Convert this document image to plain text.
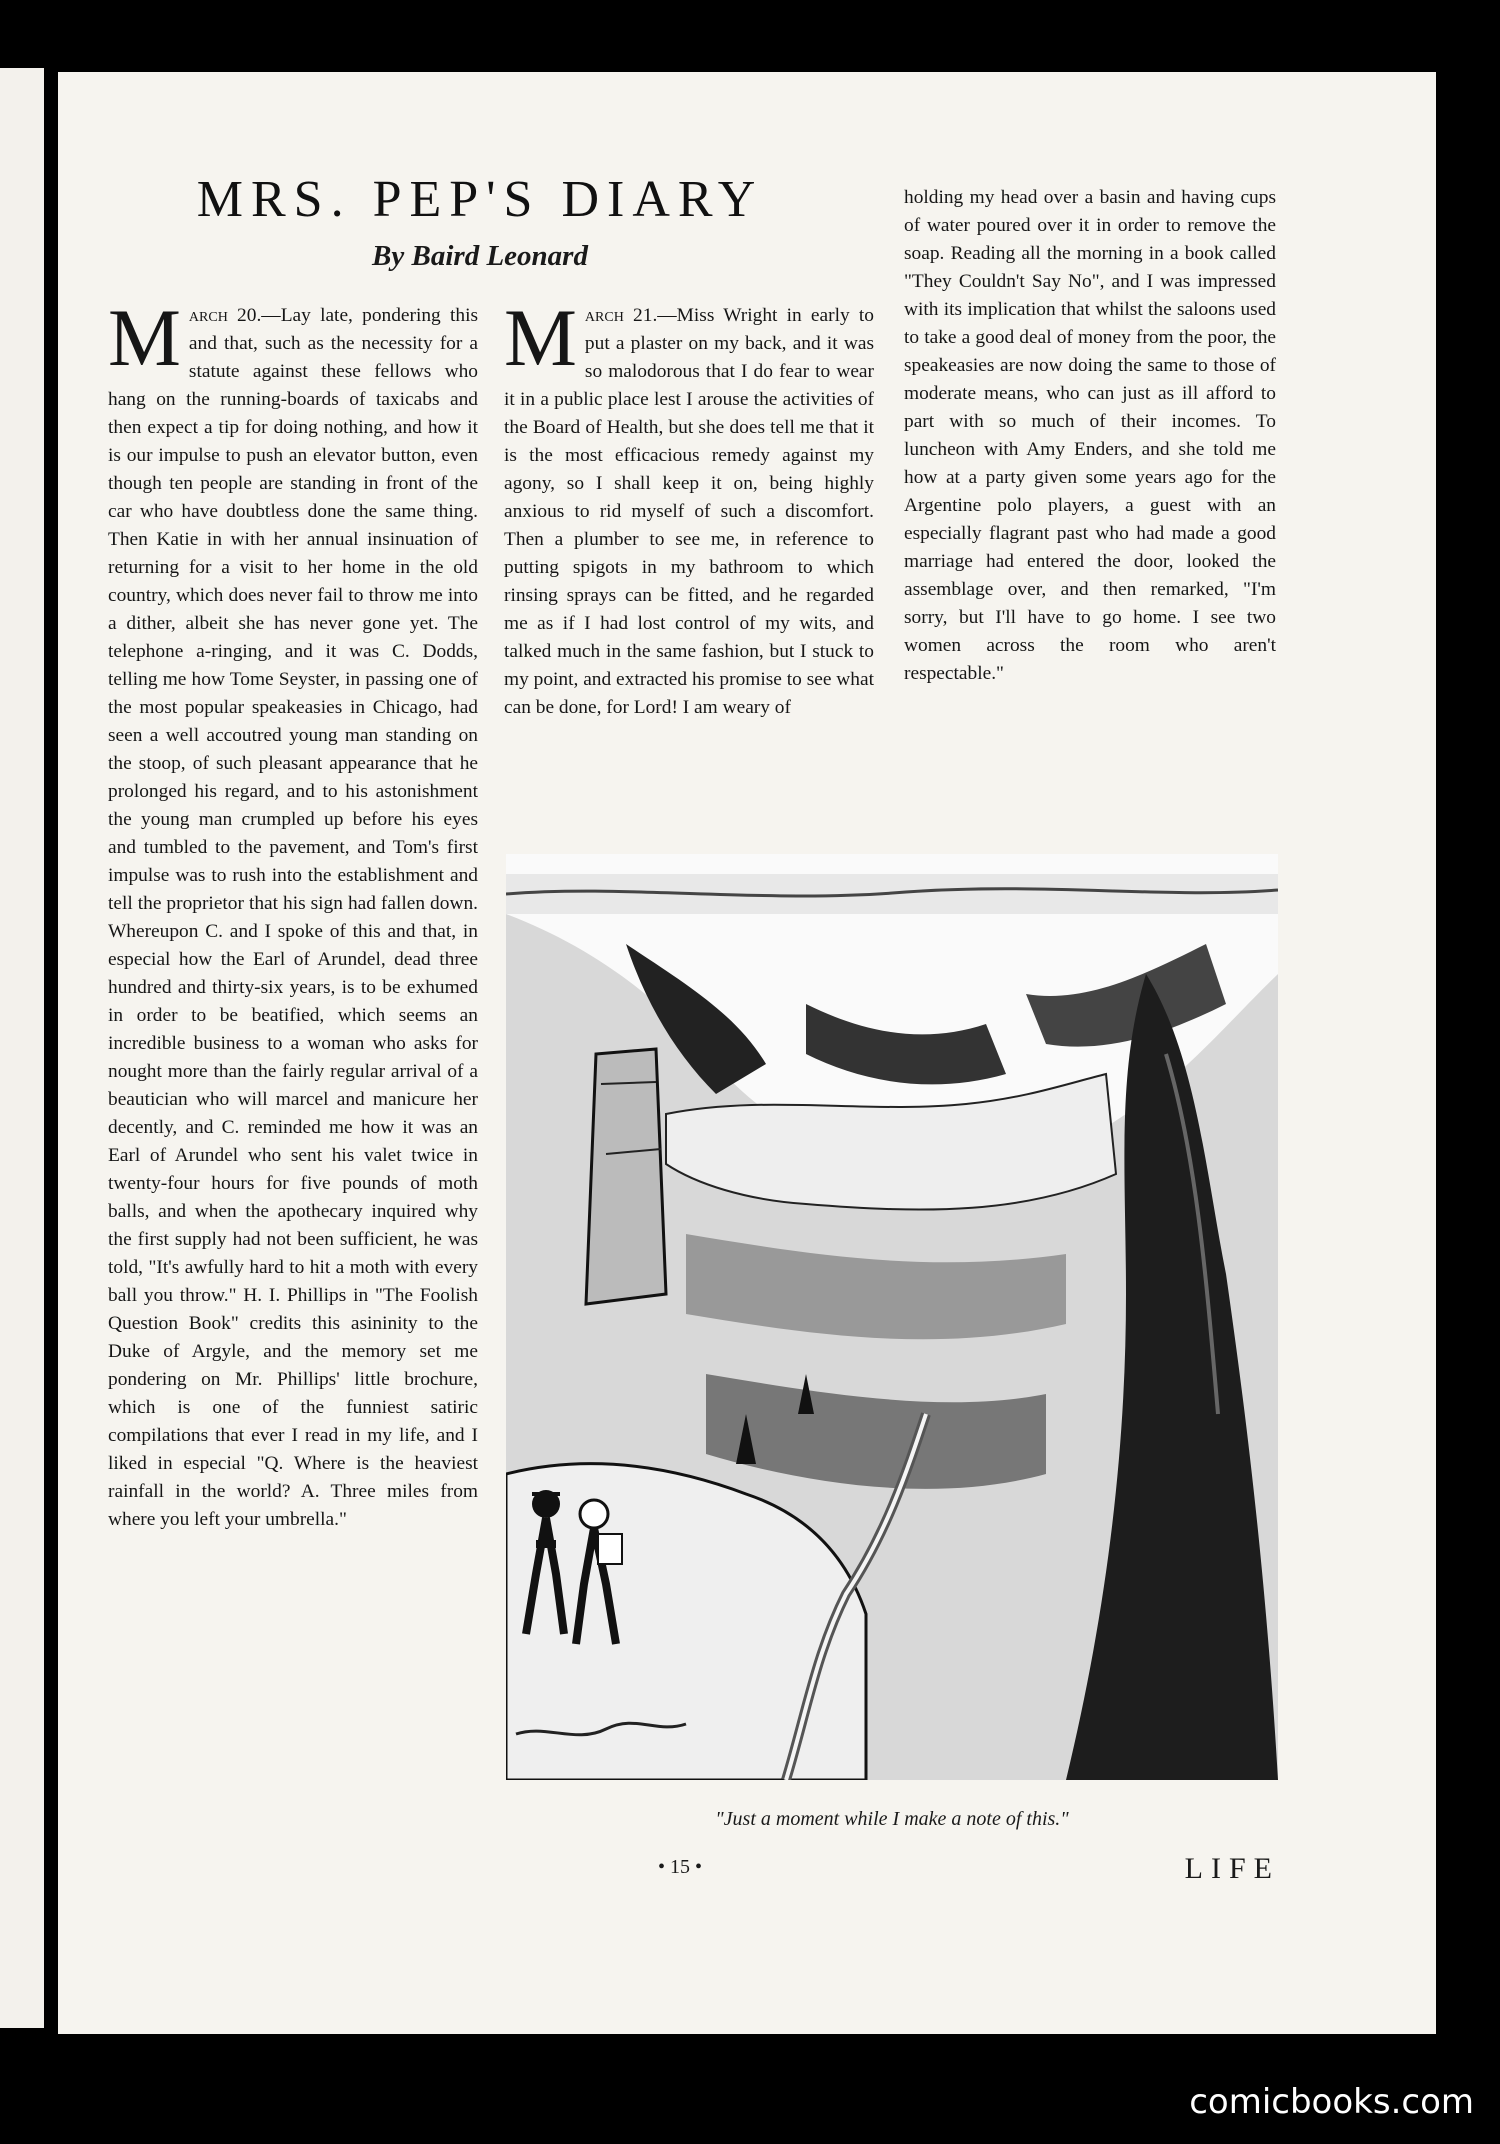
MRS. PEP'S DIARY
By Baird Leonard
March 20.—Lay late, pondering this and that, such as the necessity for a statute against these fellows who hang on the running-boards of taxicabs and then expect a tip for doing nothing, and how it is our impulse to push an elevator button, even though ten people are standing in front of the car who have doubtless done the same thing. Then Katie in with her annual insinuation of returning for a visit to her home in the old country, which does never fail to throw me into a dither, albeit she has never gone yet. The telephone a-ringing, and it was C. Dodds, telling me how Tome Seyster, in passing one of the most popular speakeasies in Chicago, had seen a well accoutred young man standing on the stoop, of such pleasant appearance that he prolonged his regard, and to his astonishment the young man crumpled up before his eyes and tumbled to the pavement, and Tom's first impulse was to rush into the establishment and tell the proprietor that his sign had fallen down. Whereupon C. and I spoke of this and that, in especial how the Earl of Arundel, dead three hundred and thirty-six years, is to be exhumed in order to be beatified, which seems an incredible business to a woman who asks for nought more than the fairly regular arrival of a beautician who will marcel and manicure her decently, and C. reminded me how it was an Earl of Arundel who sent his valet twice in twenty-four hours for five pounds of moth balls, and when the apothecary inquired why the first supply had not been sufficient, he was told, "It's awfully hard to hit a moth with every ball you throw." H. I. Phillips in "The Foolish Question Book" credits this asininity to the Duke of Argyle, and the memory set me pondering on Mr. Phillips' little brochure, which is one of the funniest satiric compilations that ever I read in my life, and I liked in especial "Q. Where is the heaviest rainfall in the world? A. Three miles from where you left your umbrella."
March 21.—Miss Wright in early to put a plaster on my back, and it was so malodorous that I do fear to wear it in a public place lest I arouse the activities of the Board of Health, but she does tell me that it is the most efficacious remedy against my agony, so I shall keep it on, being highly anxious to rid myself of such a discomfort. Then a plumber to see me, in reference to putting spigots in my bathroom to which rinsing sprays can be fitted, and he regarded me as if I had lost control of my wits, and talked much in the same fashion, but I stuck to my point, and extracted his promise to see what can be done, for Lord! I am weary of
holding my head over a basin and having cups of water poured over it in order to remove the soap. Reading all the morning in a book called "They Couldn't Say No", and I was impressed with its implication that whilst the saloons used to take a good deal of money from the poor, the speakeasies are now doing the same to those of moderate means, who can just as ill afford to part with so much of their incomes. To luncheon with Amy Enders, and she told me how at a party given some years ago for the Argentine polo players, a guest with an especially flagrant past who had made a good marriage had entered the door, looked the assemblage over, and then remarked, "I'm sorry, but I'll have to go home. I see two women across the room who aren't respectable."
"Just a moment while I make a note of this."
• 15 •	LIFE
comicbooks.com
